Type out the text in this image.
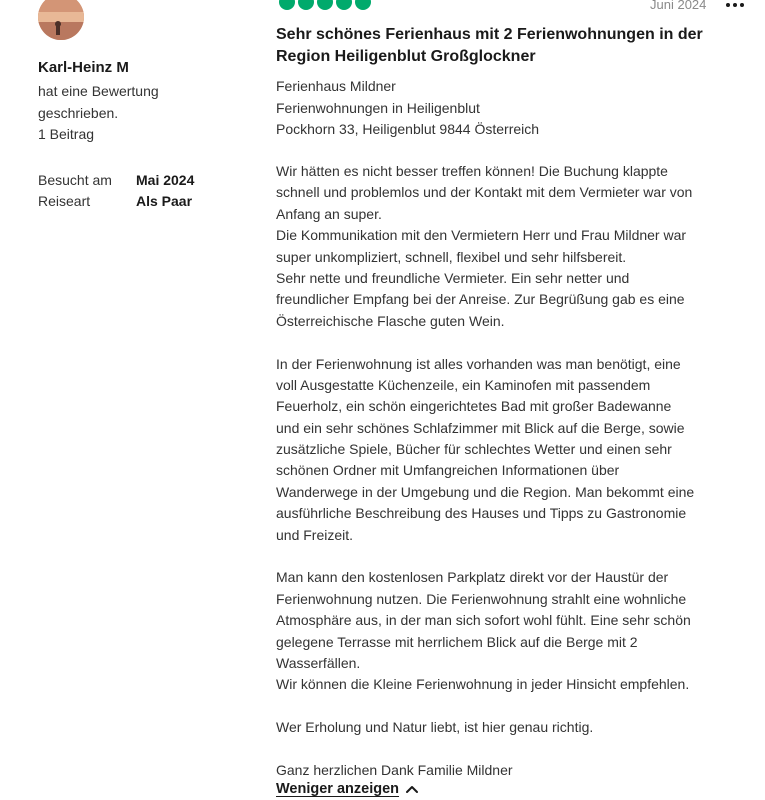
Karl-Heinz M
hat eine Bewertung geschrieben.
1 Beitrag
Besucht am Mai 2024
Reiseart	Als Paar
Juni 2024
Sehr schönes Ferienhaus mit 2 Ferienwohnungen in der Region Heiligenblut Großglockner
Ferienhaus Mildner
Ferienwohnungen in Heiligenblut
Pockhorn 33, Heiligenblut 9844 Österreich
Wir hätten es nicht besser treffen können! Die Buchung klappte
schnell und problemlos und der Kontakt mit dem Vermieter war von
Anfang an super.
Die Kommunikation mit den Vermietern Herr und Frau Mildner war
super unkompliziert, schnell, flexibel und sehr hilfsbereit.
Sehr nette und freundliche Vermieter. Ein sehr netter und
freundlicher Empfang bei der Anreise. Zur Begrüßung gab es eine
Österreichische Flasche guten Wein.
In der Ferienwohnung ist alles vorhanden was man benötigt, eine
voll Ausgestatte Küchenzeile, ein Kaminofen mit passendem
Feuerholz, ein schön eingerichtetes Bad mit großer Badewanne
und ein sehr schönes Schlafzimmer mit Blick auf die Berge, sowie
zusätzliche Spiele, Bücher für schlechtes Wetter und einen sehr
schönen Ordner mit Umfangreichen Informationen über
Wanderwege in der Umgebung und die Region. Man bekommt eine
ausführliche Beschreibung des Hauses und Tipps zu Gastronomie
und Freizeit.
Man kann den kostenlosen Parkplatz direkt vor der Haustür der
Ferienwohnung nutzen. Die Ferienwohnung strahlt eine wohnliche
Atmosphäre aus, in der man sich sofort wohl fühlt. Eine sehr schön
gelegene Terrasse mit herrlichem Blick auf die Berge mit 2
Wasserfällen.
Wir können die Kleine Ferienwohnung in jeder Hinsicht empfehlen.
Wer Erholung und Natur liebt, ist hier genau richtig.
Ganz herzlichen Dank Familie Mildner
Weniger anzeigen
